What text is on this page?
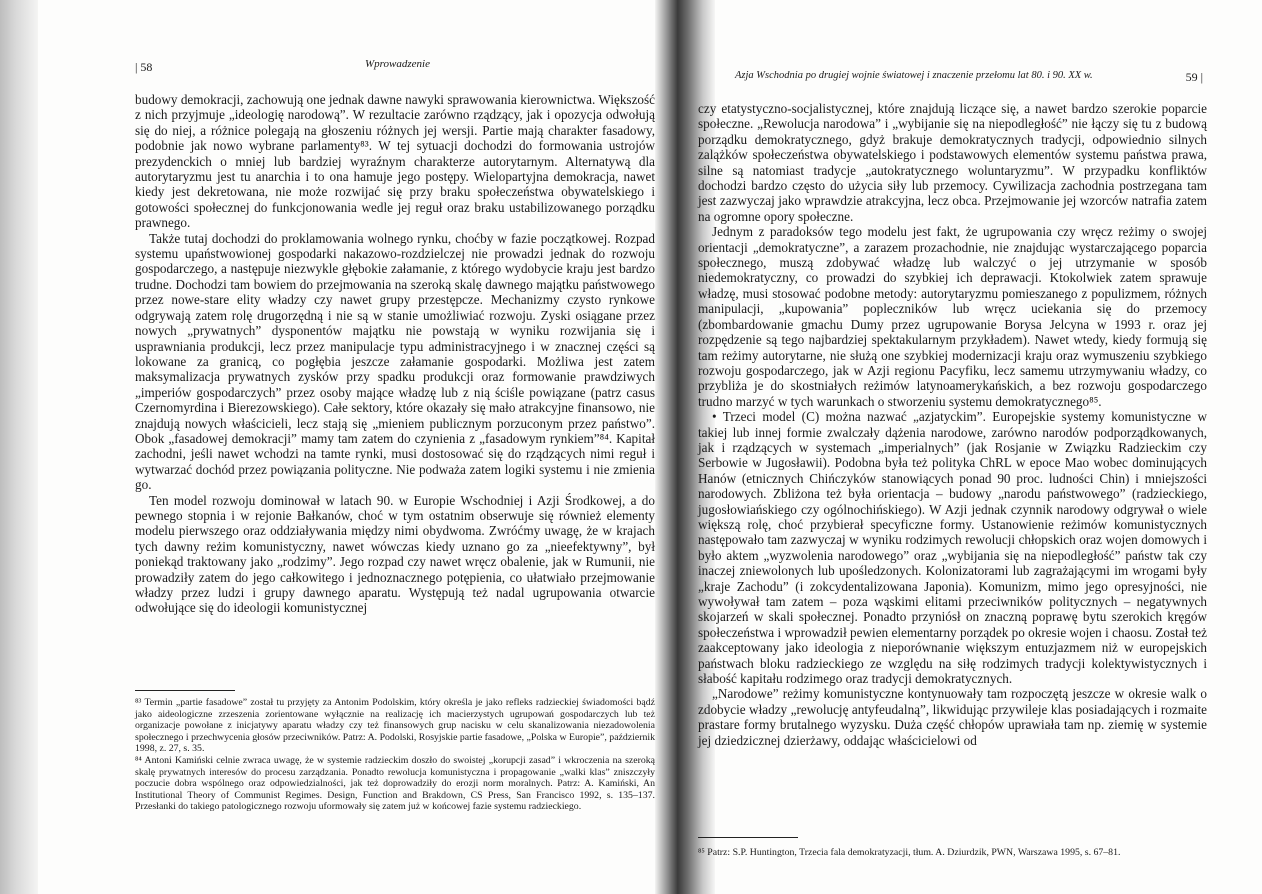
| 58	Wprowadzenie

budowy demokracji, zachowują one jednak dawne nawyki sprawowania kierownictwa. Większość z nich przyjmuje „ideologię narodową”. W rezultacie zarówno rządzący, jak i opozycja odwołują się do niej, a różnice polegają na głoszeniu różnych jej wersji. Partie mają charakter fasadowy, podobnie jak nowo wybrane parlamenty⁸³. W tej sytuacji dochodzi do formowania ustrojów prezydenckich o mniej lub bardziej wyraźnym charakterze autorytarnym. Alternatywą dla autorytaryzmu jest tu anarchia i to ona hamuje jego postępy. Wielopartyjna demokracja, nawet kiedy jest dekretowana, nie może rozwijać się przy braku społeczeństwa obywatelskiego i gotowości społecznej do funkcjonowania wedle jej reguł oraz braku ustabilizowanego porządku prawnego.

Także tutaj dochodzi do proklamowania wolnego rynku, choćby w fazie początkowej. Rozpad systemu upaństwowionej gospodarki nakazowo-rozdzielczej nie prowadzi jednak do rozwoju gospodarczego, a następuje niezwykle głębokie załamanie, z którego wydobycie kraju jest bardzo trudne. Dochodzi tam bowiem do przejmowania na szeroką skalę dawnego majątku państwowego przez nowe-stare elity władzy czy nawet grupy przestępcze. Mechanizmy czysto rynkowe odgrywają zatem rolę drugorzędną i nie są w stanie umożliwiać rozwoju. Zyski osiągane przez nowych „prywatnych” dysponentów majątku nie powstają w wyniku rozwijania się i usprawniania produkcji, lecz przez manipulacje typu administracyjnego i w znacznej części są lokowane za granicą, co pogłębia jeszcze załamanie gospodarki. Możliwa jest zatem maksymalizacja prywatnych zysków przy spadku produkcji oraz formowanie prawdziwych „imperiów gospodarczych” przez osoby mające władzę lub z nią ściśle powiązane (patrz casus Czernomyrdina i Bierezowskiego). Całe sektory, które okazały się mało atrakcyjne finansowo, nie znajdują nowych właścicieli, lecz stają się „mieniem publicznym porzuconym przez państwo”. Obok „fasadowej demokracji” mamy tam zatem do czynienia z „fasadowym rynkiem”⁸⁴. Kapitał zachodni, jeśli nawet wchodzi na tamte rynki, musi dostosować się do rządzących nimi reguł i wytwarzać dochód przez powiązania polityczne. Nie podważa zatem logiki systemu i nie zmienia go.

Ten model rozwoju dominował w latach 90. w Europie Wschodniej i Azji Środkowej, a do pewnego stopnia i w rejonie Bałkanów, choć w tym ostatnim obserwuje się również elementy modelu pierwszego oraz oddziaływania między nimi obydwoma. Zwróćmy uwagę, że w krajach tych dawny reżim komunistyczny, nawet wówczas kiedy uznano go za „nieefektywny”, był poniekąd traktowany jako „rodzimy”. Jego rozpad czy nawet wręcz obalenie, jak w Rumunii, nie prowadziły zatem do jego całkowitego i jednoznacznego potępienia, co ułatwiało przejmowanie władzy przez ludzi i grupy dawnego aparatu. Występują też nadal ugrupowania otwarcie odwołujące się do ideologii komunistycznej

⁸³ Termin „partie fasadowe” został tu przyjęty za Antonim Podolskim, który określa je jako refleks radzieckiej świadomości bądź jako aideologiczne zrzeszenia zorientowane wyłącznie na realizację ich macierzystych ugrupowań gospodarczych lub też organizacje powołane z inicjatywy aparatu władzy czy też finansowych grup nacisku w celu skanalizowania niezadowolenia społecznego i przechwycenia głosów przeciwników. Patrz: A. Podolski, Rosyjskie partie fasadowe, „Polska w Europie”, październik 1998, z. 27, s. 35.

⁸⁴ Antoni Kamiński celnie zwraca uwagę, że w systemie radzieckim doszło do swoistej „korupcji zasad” i wkroczenia na szeroką skalę prywatnych interesów do procesu zarządzania. Ponadto rewolucja komunistyczna i propagowanie „walki klas” zniszczyły poczucie dobra wspólnego oraz odpowiedzialności, jak też doprowadziły do erozji norm moralnych. Patrz: A. Kamiński, An Institutional Theory of Communist Regimes. Design, Function and Brakdown, CS Press, San Francisco 1992, s. 135–137. Przesłanki do takiego patologicznego rozwoju uformowały się zatem już w końcowej fazie systemu radzieckiego.

Azja Wschodnia po drugiej wojnie światowej i znaczenie przełomu lat 80. i 90. XX w.	59 |

czy etatystyczno-socjalistycznej, które znajdują liczące się, a nawet bardzo szerokie poparcie społeczne. „Rewolucja narodowa” i „wybijanie się na niepodległość” nie łączy się tu z budową porządku demokratycznego, gdyż brakuje demokratycznych tradycji, odpowiednio silnych zalążków społeczeństwa obywatelskiego i podstawowych elementów systemu państwa prawa, silne są natomiast tradycje „autokratycznego woluntaryzmu”. W przypadku konfliktów dochodzi bardzo często do użycia siły lub przemocy. Cywilizacja zachodnia postrzegana tam jest zazwyczaj jako wprawdzie atrakcyjna, lecz obca. Przejmowanie jej wzorców natrafia zatem na ogromne opory społeczne.

Jednym z paradoksów tego modelu jest fakt, że ugrupowania czy wręcz reżimy o swojej orientacji „demokratyczne”, a zarazem prozachodnie, nie znajdując wystarczającego poparcia społecznego, muszą zdobywać władzę lub walczyć o jej utrzymanie w sposób niedemokratyczny, co prowadzi do szybkiej ich deprawacji. Ktokolwiek zatem sprawuje władzę, musi stosować podobne metody: autorytaryzmu pomieszanego z populizmem, różnych manipulacji, „kupowania” popleczników lub wręcz uciekania się do przemocy (zbombardowanie gmachu Dumy przez ugrupowanie Borysa Jelcyna w 1993 r. oraz jej rozpędzenie są tego najbardziej spektakularnym przykładem). Nawet wtedy, kiedy formują się tam reżimy autorytarne, nie służą one szybkiej modernizacji kraju oraz wymuszeniu szybkiego rozwoju gospodarczego, jak w Azji regionu Pacyfiku, lecz samemu utrzymywaniu władzy, co przybliża je do skostniałych reżimów latynoamerykańskich, a bez rozwoju gospodarczego trudno marzyć w tych warunkach o stworzeniu systemu demokratycznego⁸⁵.

• Trzeci model (C) można nazwać „azjatyckim”. Europejskie systemy komunistyczne w takiej lub innej formie zwalczały dążenia narodowe, zarówno narodów podporządkowanych, jak i rządzących w systemach „imperialnych” (jak Rosjanie w Związku Radzieckim czy Serbowie w Jugosławii). Podobna była też polityka ChRL w epoce Mao wobec dominujących Hanów (etnicznych Chińczyków stanowiących ponad 90 proc. ludności Chin) i mniejszości narodowych. Zbliżona też była orientacja – budowy „narodu państwowego” (radzieckiego, jugosłowiańskiego czy ogólnochińskiego). W Azji jednak czynnik narodowy odgrywał o wiele większą rolę, choć przybierał specyficzne formy. Ustanowienie reżimów komunistycznych następowało tam zazwyczaj w wyniku rodzimych rewolucji chłopskich oraz wojen domowych i było aktem „wyzwolenia narodowego” oraz „wybijania się na niepodległość” państw tak czy inaczej zniewolonych lub upośledzonych. Kolonizatorami lub zagrażającymi im wrogami były „kraje Zachodu” (i zokcydentalizowana Japonia). Komunizm, mimo jego opresyjności, nie wywoływał tam zatem – poza wąskimi elitami przeciwników politycznych – negatywnych skojarzeń w skali społecznej. Ponadto przyniósł on znaczną poprawę bytu szerokich kręgów społeczeństwa i wprowadził pewien elementarny porządek po okresie wojen i chaosu. Został też zaakceptowany jako ideologia z nieporównanie większym entuzjazmem niż w europejskich państwach bloku radzieckiego ze względu na siłę rodzimych tradycji kolektywistycznych i słabość kapitału rodzimego oraz tradycji demokratycznych.

„Narodowe” reżimy komunistyczne kontynuowały tam rozpoczętą jeszcze w okresie walk o zdobycie władzy „rewolucję antyfeudalną”, likwidując przywileje klas posiadających i rozmaite prastare formy brutalnego wyzysku. Duża część chłopów uprawiała tam np. ziemię w systemie jej dziedzicznej dzierżawy, oddając właścicielowi od

⁸⁵ Patrz: S.P. Huntington, Trzecia fala demokratyzacji, tłum. A. Dziurdzik, PWN, Warszawa 1995, s. 67–81.
